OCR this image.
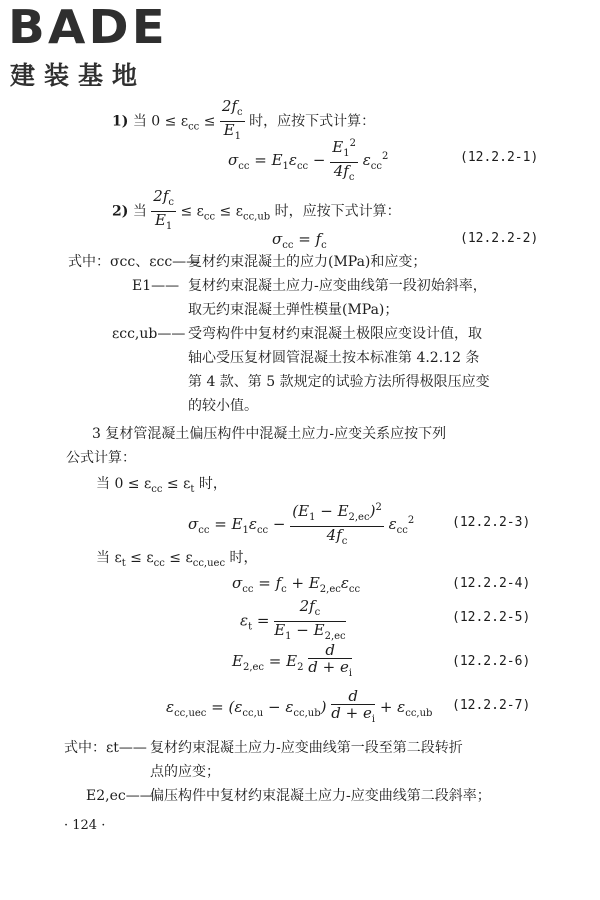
BADE
建装基地
1) 当 $0 \le \varepsilon_{cc} \le \frac{2f_c}{E_1}$ 时，应按下式计算：
$\sigma_{cc} = E_1\varepsilon_{cc} - \frac{E_1^2}{4f_c} \varepsilon_{cc}^2$	(12.2.2-1)
2) 当 $\frac{2f_c}{E_1} \le \varepsilon_{cc} \le \varepsilon_{cc,ub}$ 时，应按下式计算：
$\sigma_{cc} = f_c$	(12.2.2-2)
式中：σcc、εcc——
复材约束混凝土的应力(MPa)和应变；
E1—— 复材约束混凝土应力-应变曲线第一段初始斜率，
取无约束混凝土弹性模量(MPa)；
εcc,ub—— 受弯构件中复材约束混凝土极限应变设计值，取
轴心受压复材圆管混凝土按本标准第 4.2.12 条
第 4 款、第 5 款规定的试验方法所得极限压应变
的较小值。
3 复材管混凝土偏压构件中混凝土应力-应变关系应按下列
公式计算：
当 $0 \le \varepsilon_{cc} \le \varepsilon_t$ 时，
$\sigma_{cc} = E_1\varepsilon_{cc} - \frac{(E_1 - E_{2,ec})^2}{4f_c} \varepsilon_{cc}^2$	(12.2.2-3)
当 $\varepsilon_t \le \varepsilon_{cc} \le \varepsilon_{cc,uec}$ 时，
$\sigma_{cc} = f_c + E_{2,ec}\varepsilon_{cc}$	(12.2.2-4)
$\varepsilon_t = \frac{2f_c}{E_1 - E_{2,ec}}$	(12.2.2-5)
$E_{2,ec} = E_2 \frac{d}{d + e_i}$	(12.2.2-6)
$\varepsilon_{cc,uec} = (\varepsilon_{cc,u} - \varepsilon_{cc,ub}) \frac{d}{d + e_i} + \varepsilon_{cc,ub}$
(12.2.2-7)
式中：εt—— 复材约束混凝土应力-应变曲线第一段至第二段转折
点的应变；
E2,ec——
偏压构件中复材约束混凝土应力-应变曲线第二段斜率；
· 124 ·
